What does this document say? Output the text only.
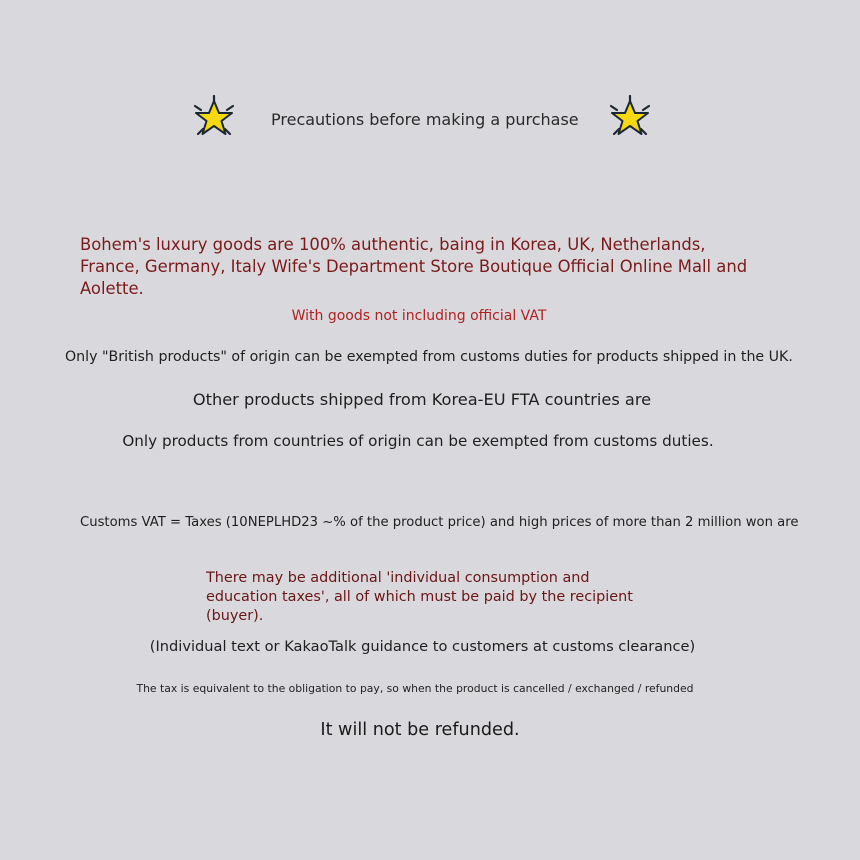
Precautions before making a purchase
Bohem's luxury goods are 100% authentic, baing in Korea, UK, Netherlands, France, Germany, Italy Wife's Department Store Boutique Official Online Mall and Aolette.
With goods not including official VAT
Only "British products" of origin can be exempted from customs duties for products shipped in the UK.
Other products shipped from Korea-EU FTA countries are
Only products from countries of origin can be exempted from customs duties.
Customs VAT = Taxes (10NEPLHD23 ~% of the product price) and high prices of more than 2 million won are
There may be additional 'individual consumption and education taxes', all of which must be paid by the recipient (buyer).
(Individual text or KakaoTalk guidance to customers at customs clearance)
The tax is equivalent to the obligation to pay, so when the product is cancelled / exchanged / refunded
It will not be refunded.
